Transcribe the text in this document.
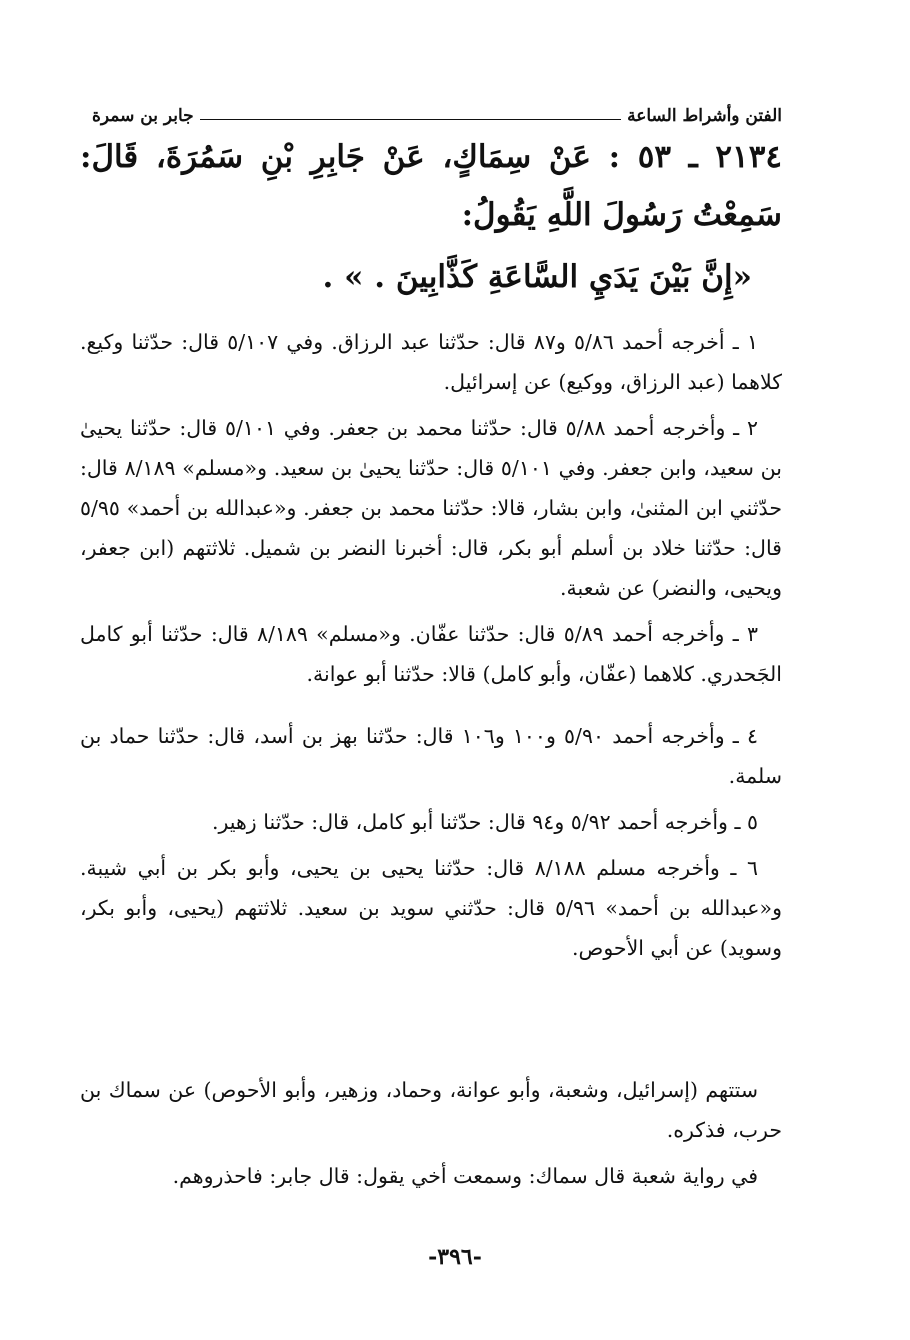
الفتن وأشراط الساعة
جابر بن سمرة
٢١٣٤ ـ ٥٣ : عَنْ سِمَاكٍ، عَنْ جَابِرِ بْنِ سَمُرَةَ، قَالَ: سَمِعْتُ رَسُولَ اللَّهِ يَقُولُ:
«إِنَّ بَيْنَ يَدَيِ السَّاعَةِ كَذَّابِينَ . » .

١ ـ أخرجه أحمد ٥/٨٦ و٨٧ قال: حدّثنا عبد الرزاق. وفي ٥/١٠٧ قال: حدّثنا وكيع. كلاهما (عبد الرزاق، ووكيع) عن إسرائيل.

٢ ـ وأخرجه أحمد ٥/٨٨ قال: حدّثنا محمد بن جعفر. وفي ٥/١٠١ قال: حدّثنا يحيىٰ بن سعيد، وابن جعفر. وفي ٥/١٠١ قال: حدّثنا يحيىٰ بن سعيد. و«مسلم» ٨/١٨٩ قال: حدّثني ابن المثنىٰ، وابن بشار، قالا: حدّثنا محمد بن جعفر. و«عبدالله بن أحمد» ٥/٩٥ قال: حدّثنا خلاد بن أسلم أبو بكر، قال: أخبرنا النضر بن شميل. ثلاثتهم (ابن جعفر، ويحيى، والنضر) عن شعبة.

٣ ـ وأخرجه أحمد ٥/٨٩ قال: حدّثنا عفّان. و«مسلم» ٨/١٨٩ قال: حدّثنا أبو كامل الجَحدري. كلاهما (عفّان، وأبو كامل) قالا: حدّثنا أبو عوانة.

٤ ـ وأخرجه أحمد ٥/٩٠ و١٠٠ و١٠٦ قال: حدّثنا بهز بن أسد، قال: حدّثنا حماد بن سلمة.

٥ ـ وأخرجه أحمد ٥/٩٢ و٩٤ قال: حدّثنا أبو كامل، قال: حدّثنا زهير.

٦ ـ وأخرجه مسلم ٨/١٨٨ قال: حدّثنا يحيى بن يحيى، وأبو بكر بن أبي شيبة. و«عبدالله بن أحمد» ٥/٩٦ قال: حدّثني سويد بن سعيد. ثلاثتهم (يحيى، وأبو بكر، وسويد) عن أبي الأحوص.

ستتهم (إسرائيل، وشعبة، وأبو عوانة، وحماد، وزهير، وأبو الأحوص) عن سماك بن حرب، فذكره.

في رواية شعبة قال سماك: وسمعت أخي يقول: قال جابر: فاحذروهم.

-٣٩٦-
